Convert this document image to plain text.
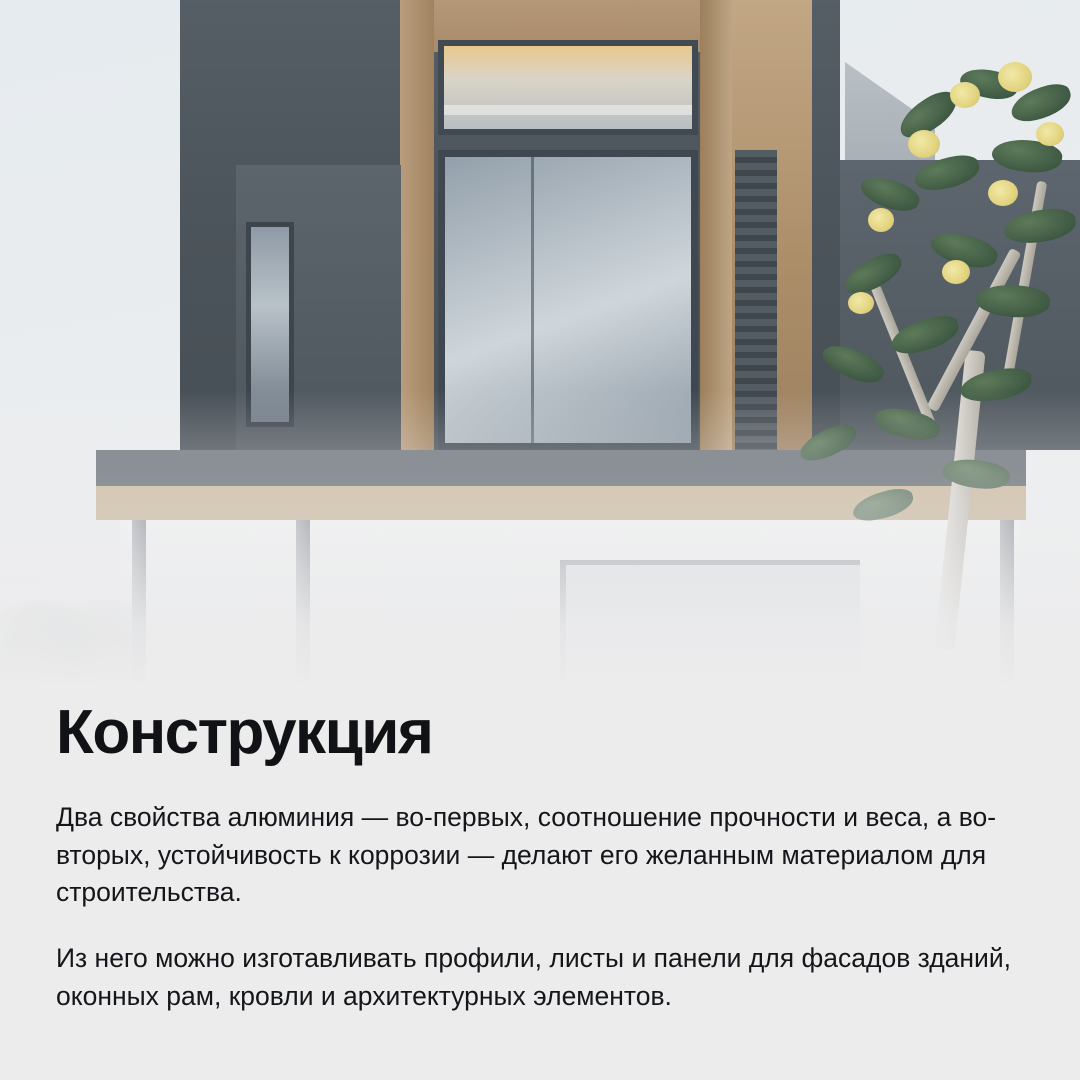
Конструкция

Два свойства алюминия — во-первых, соотношение прочности и веса, а во-вторых, устойчивость к коррозии — делают его желанным материалом для строительства.

Из него можно изготавливать профили, листы и панели для фасадов зданий, оконных рам, кровли и архитектурных элементов.
